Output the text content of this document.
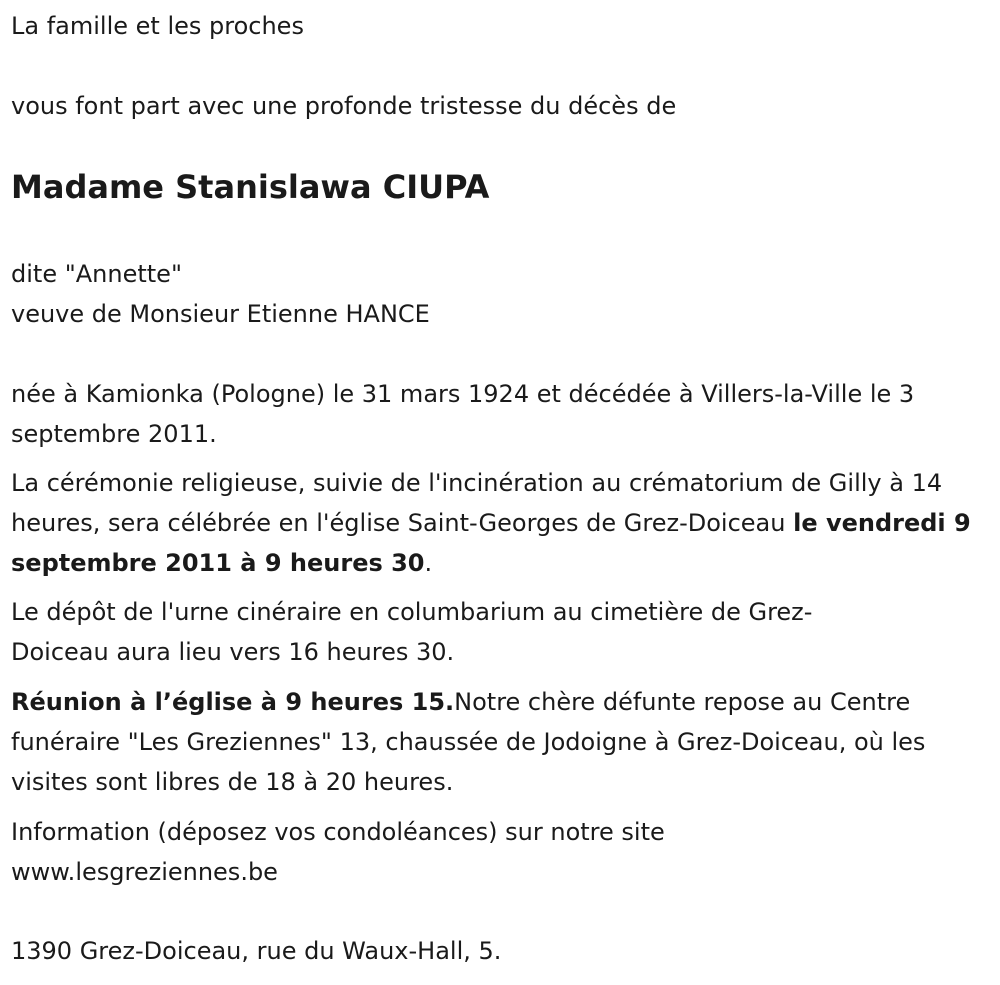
La famille et les proches

vous font part avec une profonde tristesse du décès de

Madame Stanislawa CIUPA

dite "Annette"

veuve de Monsieur Etienne HANCE

née à Kamionka (Pologne) le 31 mars 1924 et décédée à Villers-la-Ville le 3 septembre 2011.

La cérémonie religieuse, suivie de l'incinération au crématorium de Gilly à 14 heures, sera célébrée en l'église Saint-Georges de Grez-Doiceau le vendredi 9 septembre 2011 à 9 heures 30.

Le dépôt de l'urne cinéraire en columbarium au cimetière de Grez-Doiceau aura lieu vers 16 heures 30.

Réunion à l’église à 9 heures 15.Notre chère défunte repose au Centre funéraire "Les Greziennes" 13, chaussée de Jodoigne à Grez-Doiceau, où les visites sont libres de 18 à 20 heures.

Information (déposez vos condoléances) sur notre site www.lesgreziennes.be

1390 Grez-Doiceau, rue du Waux-Hall, 5.
